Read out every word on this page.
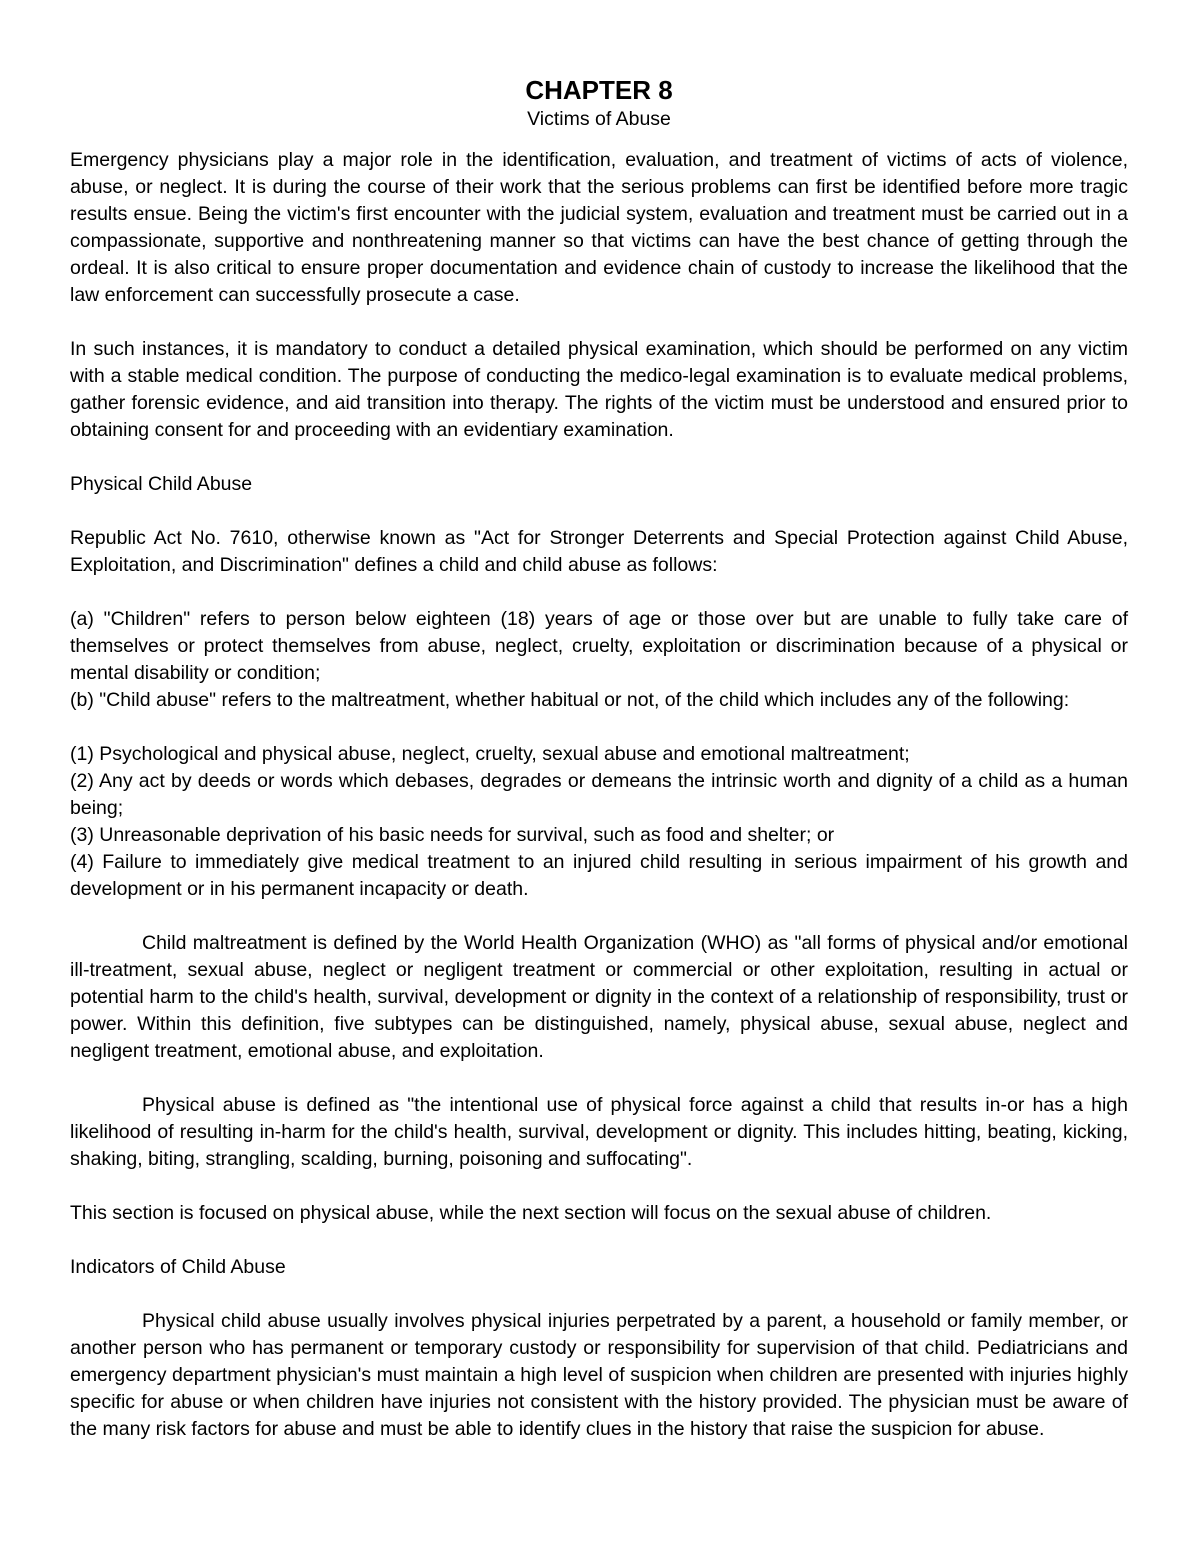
CHAPTER 8
Victims of Abuse

Emergency physicians play a major role in the identification, evaluation, and treatment of victims of acts of violence, abuse, or neglect. It is during the course of their work that the serious problems can first be identified before more tragic results ensue. Being the victim's first encounter with the judicial system, evaluation and treatment must be carried out in a compassionate, supportive and nonthreatening manner so that victims can have the best chance of getting through the ordeal. It is also critical to ensure proper documentation and evidence chain of custody to increase the likelihood that the law enforcement can successfully prosecute a case.

In such instances, it is mandatory to conduct a detailed physical examination, which should be performed on any victim with a stable medical condition. The purpose of conducting the medico-legal examination is to evaluate medical problems, gather forensic evidence, and aid transition into therapy. The rights of the victim must be understood and ensured prior to obtaining consent for and proceeding with an evidentiary examination.

Physical Child Abuse

Republic Act No. 7610, otherwise known as "Act for Stronger Deterrents and Special Protection against Child Abuse, Exploitation, and Discrimination" defines a child and child abuse as follows:

(a) "Children" refers to person below eighteen (18) years of age or those over but are unable to fully take care of themselves or protect themselves from abuse, neglect, cruelty, exploitation or discrimination because of a physical or mental disability or condition;

(b) "Child abuse" refers to the maltreatment, whether habitual or not, of the child which includes any of the following:

(1) Psychological and physical abuse, neglect, cruelty, sexual abuse and emotional maltreatment;

(2) Any act by deeds or words which debases, degrades or demeans the intrinsic worth and dignity of a child as a human being;

(3) Unreasonable deprivation of his basic needs for survival, such as food and shelter; or

(4) Failure to immediately give medical treatment to an injured child resulting in serious impairment of his growth and development or in his permanent incapacity or death.

Child maltreatment is defined by the World Health Organization (WHO) as "all forms of physical and/or emotional ill-treatment, sexual abuse, neglect or negligent treatment or commercial or other exploitation, resulting in actual or potential harm to the child's health, survival, development or dignity in the context of a relationship of responsibility, trust or power. Within this definition, five subtypes can be distinguished, namely, physical abuse, sexual abuse, neglect and negligent treatment, emotional abuse, and exploitation.

Physical abuse is defined as "the intentional use of physical force against a child that results in-or has a high likelihood of resulting in-harm for the child's health, survival, development or dignity. This includes hitting, beating, kicking, shaking, biting, strangling, scalding, burning, poisoning and suffocating".

This section is focused on physical abuse, while the next section will focus on the sexual abuse of children.

Indicators of Child Abuse

Physical child abuse usually involves physical injuries perpetrated by a parent, a household or family member, or another person who has permanent or temporary custody or responsibility for supervision of that child. Pediatricians and emergency department physician's must maintain a high level of suspicion when children are presented with injuries highly specific for abuse or when children have injuries not consistent with the history provided. The physician must be aware of the many risk factors for abuse and must be able to identify clues in the history that raise the suspicion for abuse.
